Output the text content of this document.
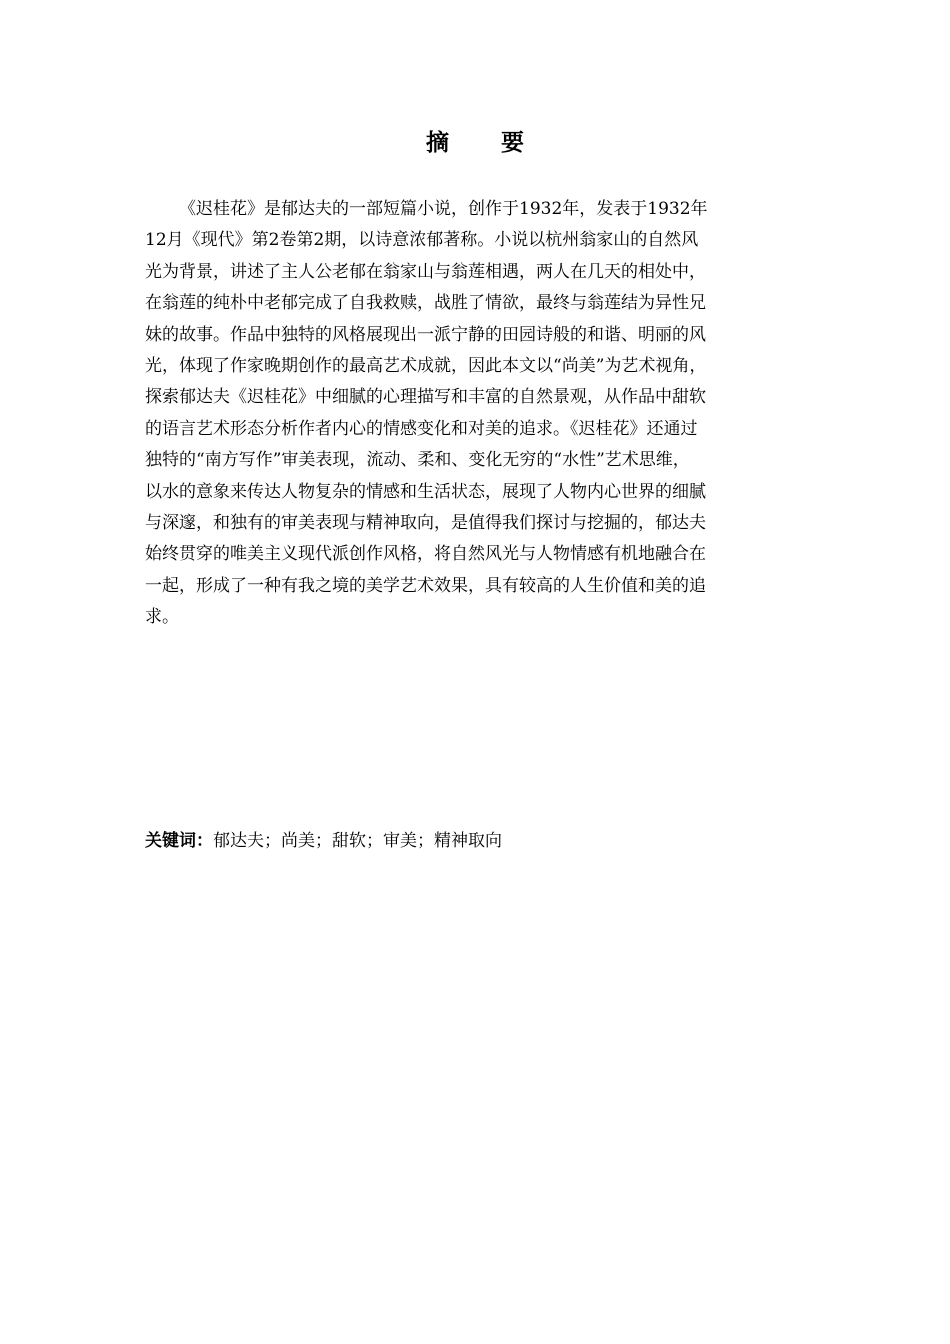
摘 要
《迟桂花》是郁达夫的一部短篇小说，创作于1932年，发表于1932年
12月《现代》第2卷第2期，以诗意浓郁著称。小说以杭州翁家山的自然风
光为背景，讲述了主人公老郁在翁家山与翁莲相遇，两人在几天的相处中，
在翁莲的纯朴中老郁完成了自我救赎，战胜了情欲，最终与翁莲结为异性兄
妹的故事。作品中独特的风格展现出一派宁静的田园诗般的和谐、明丽的风
光，体现了作家晚期创作的最高艺术成就，因此本文以“尚美”为艺术视角，
探索郁达夫《迟桂花》中细腻的心理描写和丰富的自然景观，从作品中甜软
的语言艺术形态分析作者内心的情感变化和对美的追求。《迟桂花》还通过
独特的“南方写作”审美表现，流动、柔和、变化无穷的“水性”艺术思维，
以水的意象来传达人物复杂的情感和生活状态，展现了人物内心世界的细腻
与深邃，和独有的审美表现与精神取向，是值得我们探讨与挖掘的，郁达夫
始终贯穿的唯美主义现代派创作风格，将自然风光与人物情感有机地融合在
一起，形成了一种有我之境的美学艺术效果，具有较高的人生价值和美的追
求。
关键词：郁达夫；尚美；甜软；审美；精神取向
